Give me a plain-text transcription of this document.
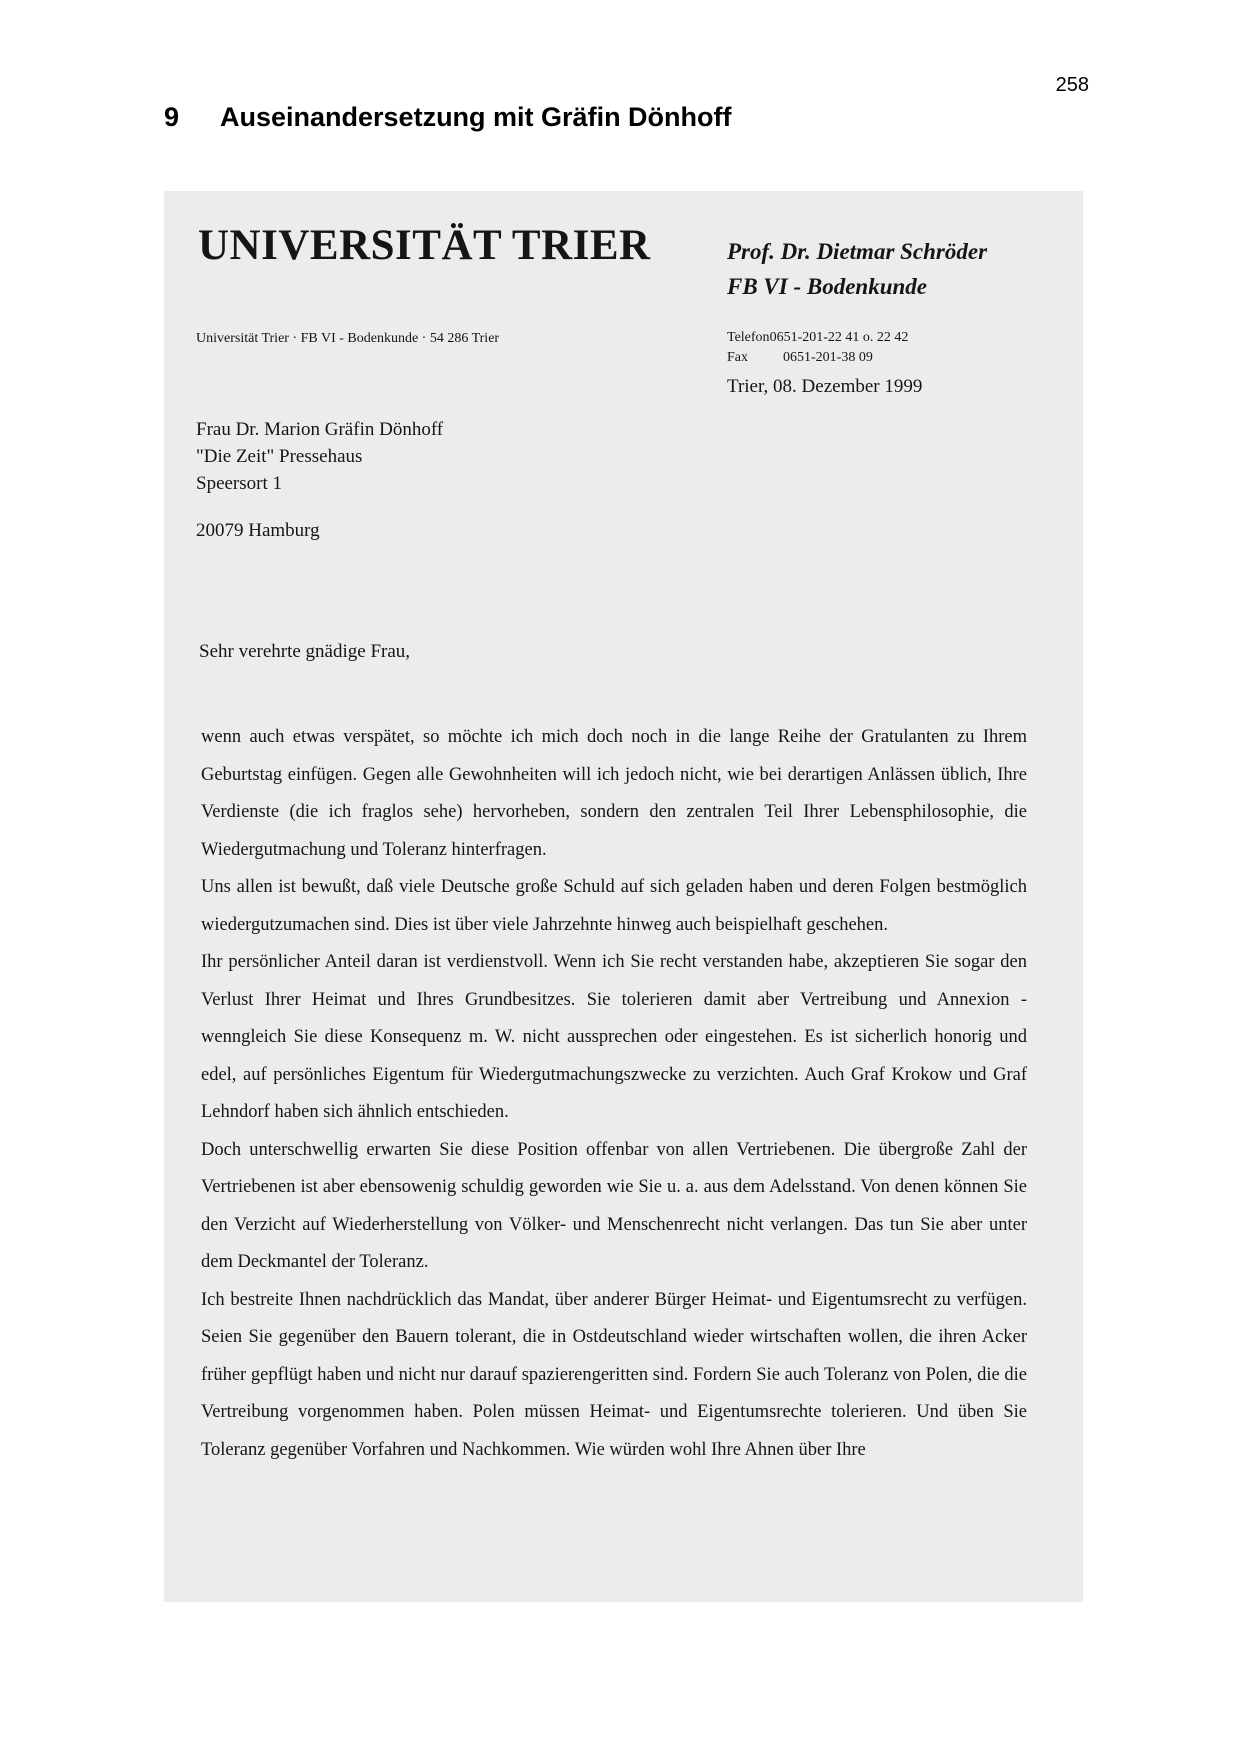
258
9 Auseinandersetzung mit Gräfin Dönhoff
UNIVERSITÄT TRIER	Prof. Dr. Dietmar Schröder
FB VI - Bodenkunde
Universität Trier · FB VI - Bodenkunde · 54 286 Trier	Telefon0651-201-22 41 o. 22 42
Fax	0651-201-38 09
Trier, 08. Dezember 1999
Frau Dr. Marion Gräfin Dönhoff
"Die Zeit" Pressehaus
Speersort 1
20079 Hamburg
Sehr verehrte gnädige Frau,

wenn auch etwas verspätet, so möchte ich mich doch noch in die lange Reihe der Gratulanten zu Ihrem Geburtstag einfügen. Gegen alle Gewohnheiten will ich jedoch nicht, wie bei derartigen Anlässen üblich, Ihre Verdienste (die ich fraglos sehe) hervorheben, sondern den zentralen Teil Ihrer Lebensphilosophie, die Wiedergutmachung und Toleranz hinterfragen.

Uns allen ist bewußt, daß viele Deutsche große Schuld auf sich geladen haben und deren Folgen bestmöglich wiedergutzumachen sind. Dies ist über viele Jahrzehnte hinweg auch beispielhaft geschehen.

Ihr persönlicher Anteil daran ist verdienstvoll. Wenn ich Sie recht verstanden habe, akzeptieren Sie sogar den Verlust Ihrer Heimat und Ihres Grundbesitzes. Sie tolerieren damit aber Vertreibung und Annexion - wenngleich Sie diese Konsequenz m. W. nicht aussprechen oder eingestehen. Es ist sicherlich honorig und edel, auf persönliches Eigentum für Wiedergutmachungszwecke zu verzichten. Auch Graf Krokow und Graf Lehndorf haben sich ähnlich entschieden.

Doch unterschwellig erwarten Sie diese Position offenbar von allen Vertriebenen. Die übergroße Zahl der Vertriebenen ist aber ebensowenig schuldig geworden wie Sie u. a. aus dem Adelsstand. Von denen können Sie den Verzicht auf Wiederherstellung von Völker- und Menschenrecht nicht verlangen. Das tun Sie aber unter dem Deckmantel der Toleranz.

Ich bestreite Ihnen nachdrücklich das Mandat, über anderer Bürger Heimat- und Eigentumsrecht zu verfügen. Seien Sie gegenüber den Bauern tolerant, die in Ostdeutschland wieder wirtschaften wollen, die ihren Acker früher gepflügt haben und nicht nur darauf spazierengeritten sind. Fordern Sie auch Toleranz von Polen, die die Vertreibung vorgenommen haben. Polen müssen Heimat- und Eigentumsrechte tolerieren. Und üben Sie Toleranz gegenüber Vorfahren und Nachkommen. Wie würden wohl Ihre Ahnen über Ihre
